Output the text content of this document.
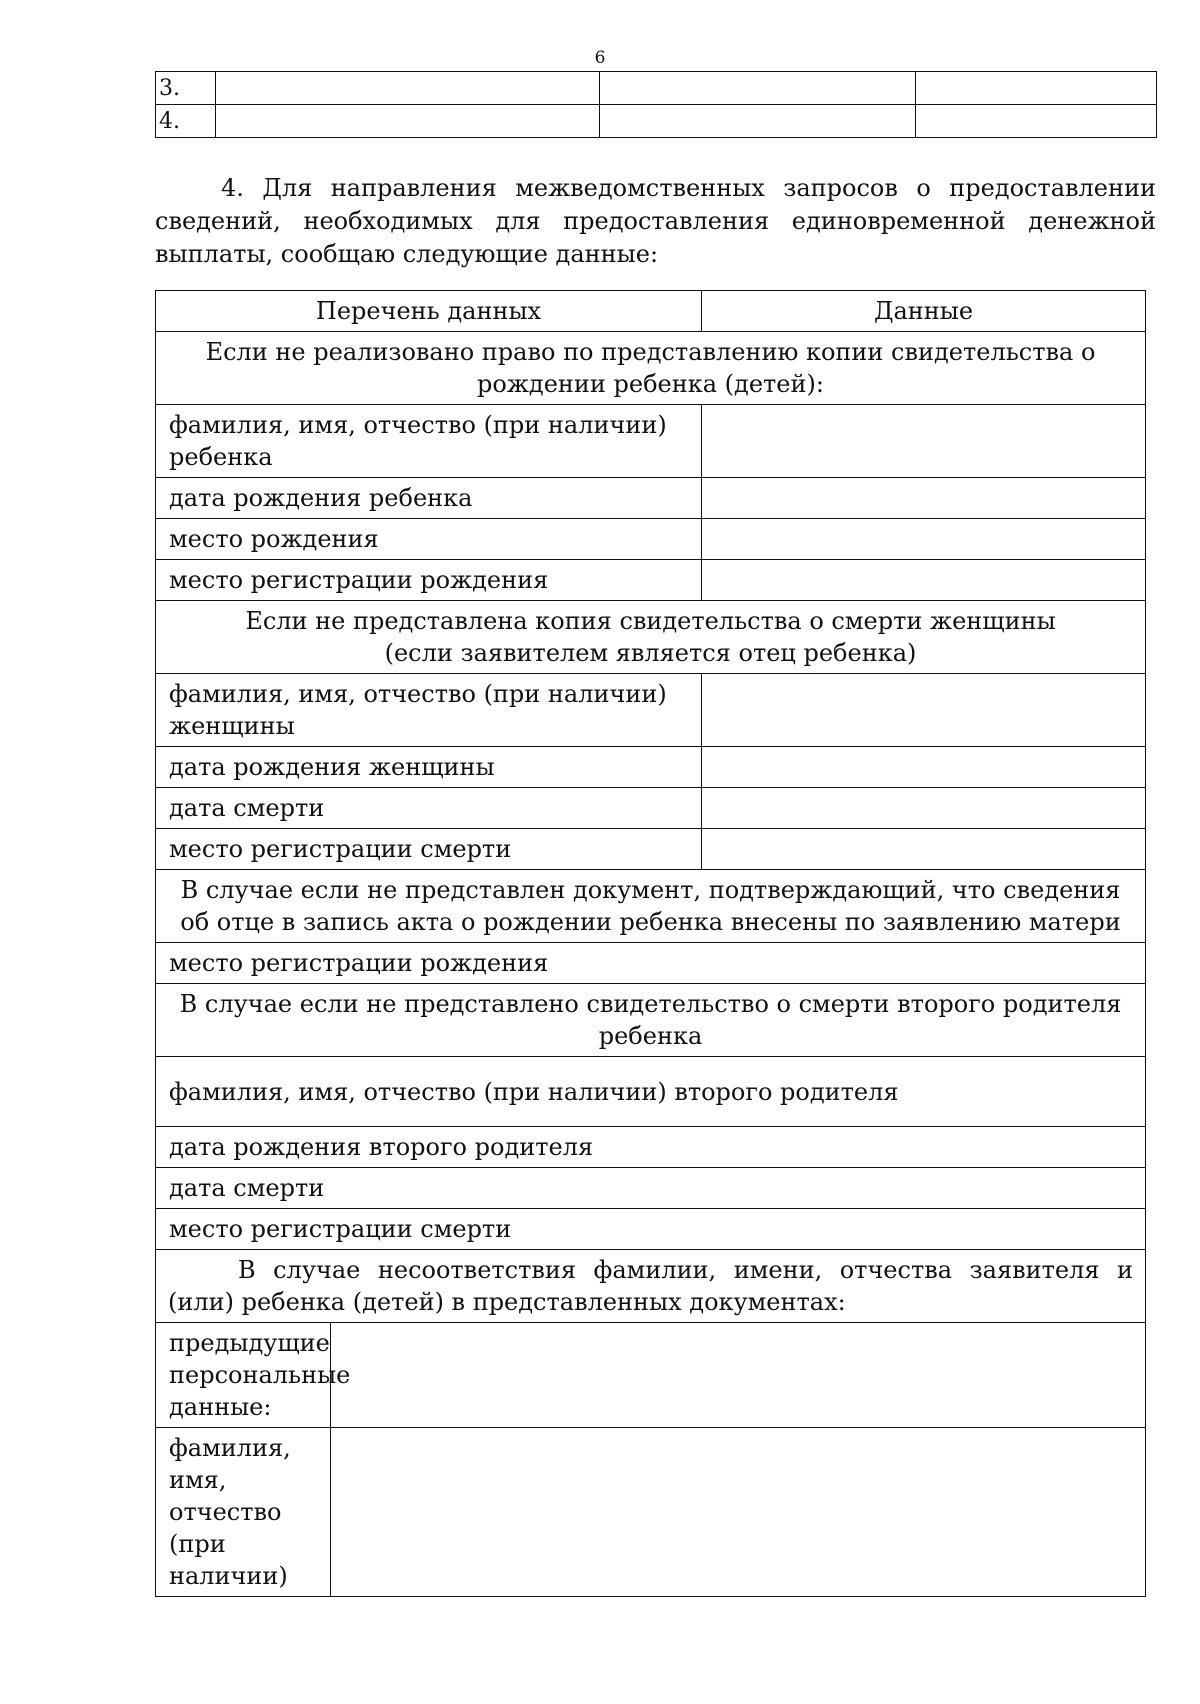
6
3.			
4.			

4. Для направления межведомственных запросов о предоставлении сведений, необходимых для предоставления единовременной денежной выплаты, сообщаю следующие данные:

Перечень данных		Данные
Если не реализовано право по представлению копии свидетельства о рождении ребенка (детей):		
фамилия, имя, отчество (при наличии) ребенка		
дата рождения ребенка		
место рождения		
место регистрации рождения		

Если не представлена копия свидетельства о смерти женщины
(если заявителем является отец ребенка)		

фамилия, имя, отчество (при наличии) женщины		
дата рождения женщины		
дата смерти		
место регистрации смерти		
В случае если не представлен документ, подтверждающий, что сведения об отце в запись акта о рождении ребенка внесены по заявлению матери		
место регистрации рождения		
В случае если не представлено свидетельство о смерти второго родителя ребенка		
фамилия, имя, отчество (при наличии) второго родителя		
дата рождения второго родителя		
дата смерти		
место регистрации смерти		
В случае несоответствия фамилии, имени, отчества заявителя и (или) ребенка (детей) в представленных документах:		
предыдущие персональные данные:		
фамилия, имя, отчество (при наличии)		
